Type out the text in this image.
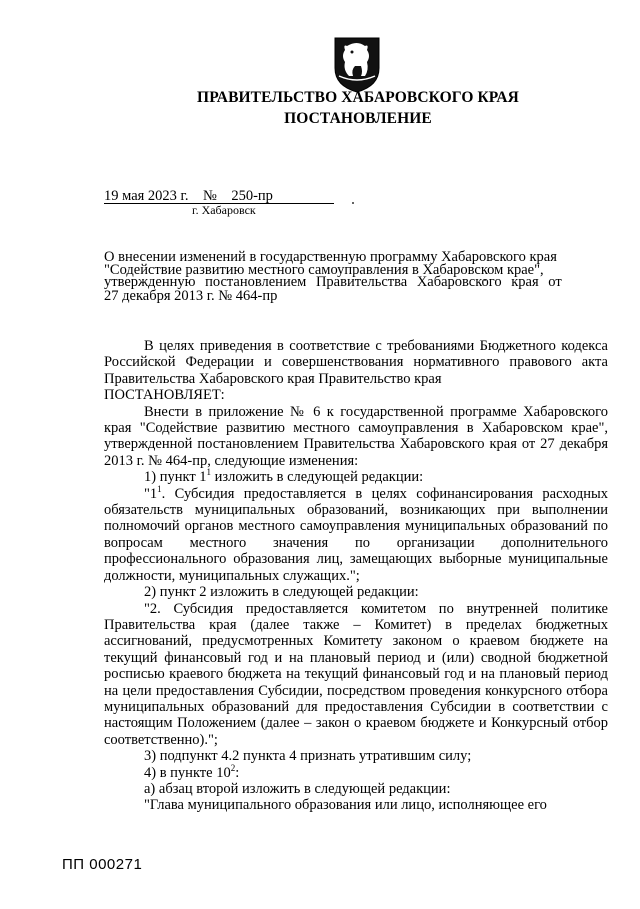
ПРАВИТЕЛЬСТВО ХАБАРОВСКОГО КРАЯ
ПОСТАНОВЛЕНИЕ
19 мая 2023 г.    №    250-пр
г. Хабаровск
О внесении изменений в государственную программу Хабаровского края
"Содействие развитию местного самоуправления в Хабаровском крае",
утвержденную постановлением Правительства Хабаровского края от
27 декабря 2013 г. № 464-пр

В целях приведения в соответствие с требованиями Бюджетного кодекса Российской Федерации и совершенствования нормативного правового акта Правительства Хабаровского края Правительство края

ПОСТАНОВЛЯЕТ:

Внести в приложение № 6 к государственной программе Хабаровского края "Содействие развитию местного самоуправления в Хабаровском крае", утвержденной постановлением Правительства Хабаровского края от 27 декабря 2013 г. № 464-пр, следующие изменения:

1) пункт $1^1$ изложить в следующей редакции:

"$1^1$. Субсидия предоставляется в целях софинансирования расходных обязательств муниципальных образований, возникающих при выполнении полномочий органов местного самоуправления муниципальных образований по вопросам местного значения по организации дополнительного профессионального образования лиц, замещающих выборные муниципальные должности, муниципальных служащих.";

2) пункт 2 изложить в следующей редакции:

"2. Субсидия предоставляется комитетом по внутренней политике Правительства края (далее также – Комитет) в пределах бюджетных ассигнований, предусмотренных Комитету законом о краевом бюджете на текущий финансовый год и на плановый период и (или) сводной бюджетной росписью краевого бюджета на текущий финансовый год и на плановый период на цели предоставления Субсидии, посредством проведения конкурсного отбора муниципальных образований для предоставления Субсидии в соответствии с настоящим Положением (далее – закон о краевом бюджете и Конкурсный отбор соответственно).";

3) подпункт 4.2 пункта 4 признать утратившим силу;

4) в пункте $10^2$:

а) абзац второй изложить в следующей редакции:

"Глава муниципального образования или лицо, исполняющее его

ПП 000271
